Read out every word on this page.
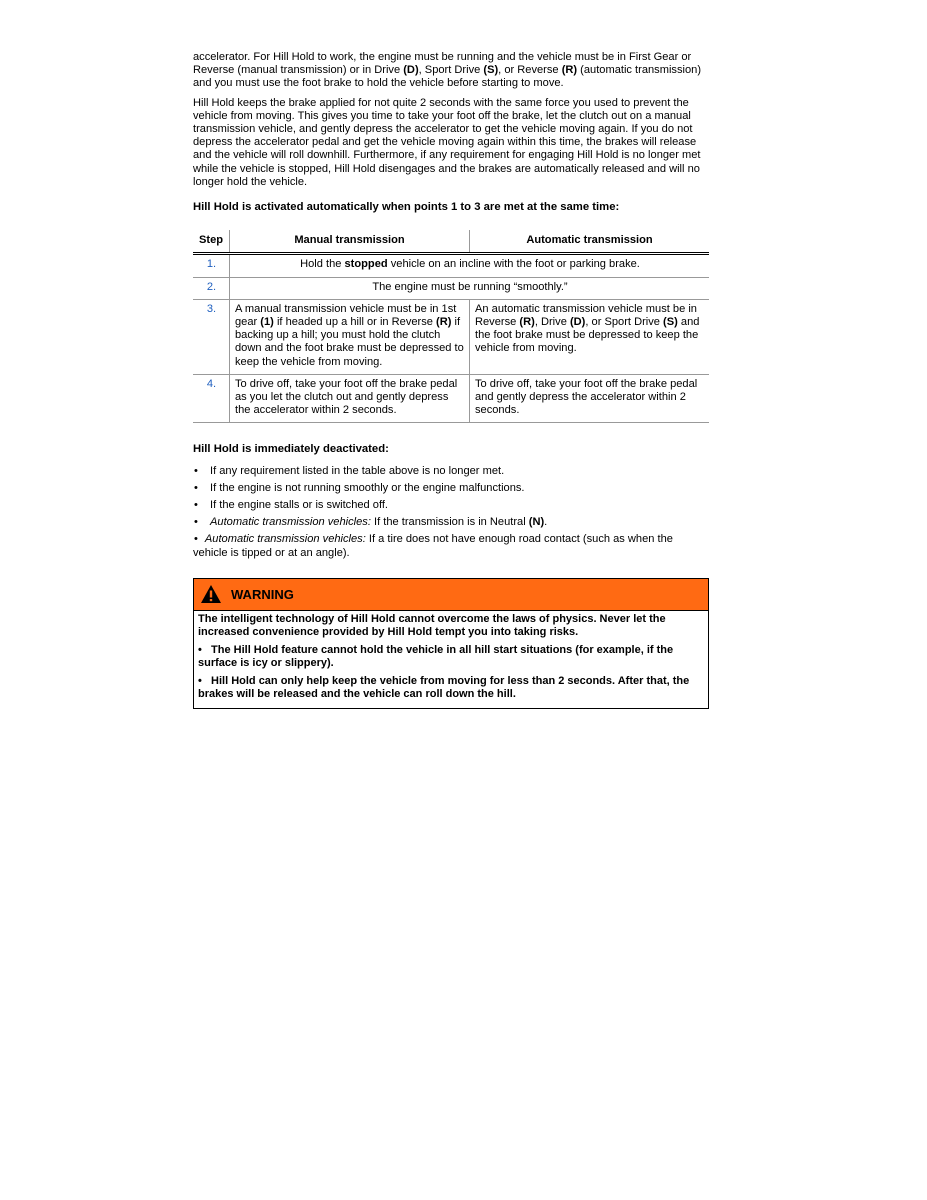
accelerator. For Hill Hold to work, the engine must be running and the vehicle must be in First Gear or Reverse (manual transmission) or in Drive (D), Sport Drive (S), or Reverse (R) (automatic transmission) and you must use the foot brake to hold the vehicle before starting to move.

Hill Hold keeps the brake applied for not quite 2 seconds with the same force you used to prevent the vehicle from moving. This gives you time to take your foot off the brake, let the clutch out on a manual transmission vehicle, and gently depress the accelerator to get the vehicle moving again. If you do not depress the accelerator pedal and get the vehicle moving again within this time, the brakes will release and the vehicle will roll downhill. Furthermore, if any requirement for engaging Hill Hold is no longer met while the vehicle is stopped, Hill Hold disengages and the brakes are automatically released and will no longer hold the vehicle.

Hill Hold is activated automatically when points 1 to 3 are met at the same time:
Step	Manual transmission	Automatic transmission
1.	Hold the stopped vehicle on an incline with the foot or parking brake.	
2.	The engine must be running “smoothly.”	
3.	A manual transmission vehicle must be in 1st gear (1) if headed up a hill or in Reverse (R) if backing up a hill; you must hold the clutch down and the foot brake must be depressed to keep the vehicle from moving.	An automatic transmission vehicle must be in Reverse (R), Drive (D), or Sport Drive (S) and the foot brake must be depressed to keep the vehicle from moving.
4.	To drive off, take your foot off the brake pedal as you let the clutch out and gently depress the accelerator within 2 seconds.	To drive off, take your foot off the brake pedal and gently depress the accelerator within 2 seconds.
Hill Hold is immediately deactivated:
• If any requirement listed in the table above is no longer met.
• If the engine is not running smoothly or the engine malfunctions.
• If the engine stalls or is switched off.
• Automatic transmission vehicles: If the transmission is in Neutral (N).
• Automatic transmission vehicles: If a tire does not have enough road contact (such as when the vehicle is tipped or at an angle).
WARNING

The intelligent technology of Hill Hold cannot overcome the laws of physics. Never let the increased convenience provided by Hill Hold tempt you into taking risks.

• The Hill Hold feature cannot hold the vehicle in all hill start situations (for example, if the surface is icy or slippery).

• Hill Hold can only help keep the vehicle from moving for less than 2 seconds. After that, the brakes will be released and the vehicle can roll down the hill.
